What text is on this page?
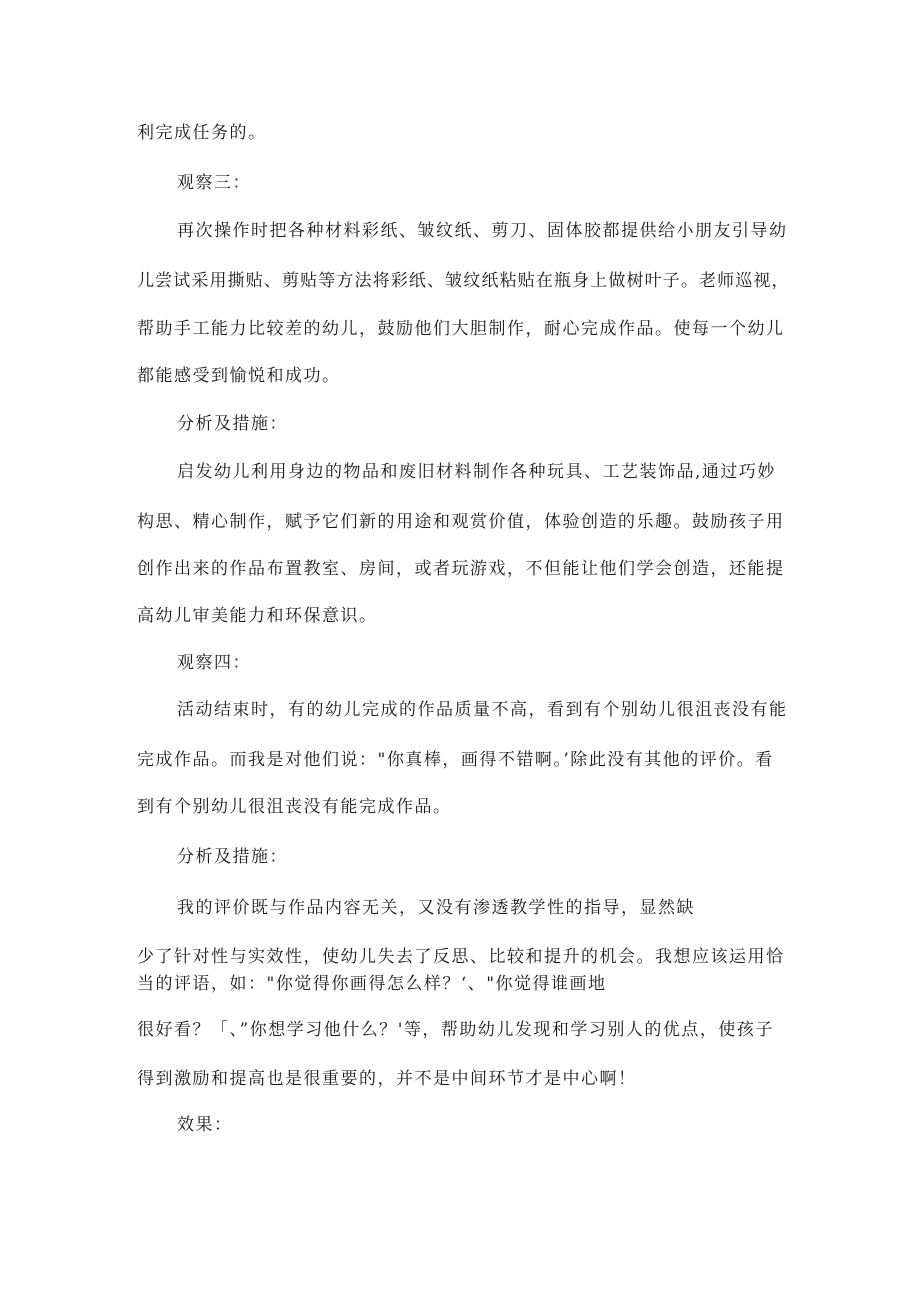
利完成任务的。

观察三：

再次操作时把各种材料彩纸、皱纹纸、剪刀、固体胶都提供给小朋友引导幼

儿尝试采用撕贴、剪贴等方法将彩纸、皱纹纸粘贴在瓶身上做树叶子。老师巡视，

帮助手工能力比较差的幼儿，鼓励他们大胆制作，耐心完成作品。使每一个幼儿

都能感受到愉悦和成功。

分析及措施：

启发幼儿利用身边的物品和废旧材料制作各种玩具、工艺装饰品,通过巧妙

构思、精心制作，赋予它们新的用途和观赏价值，体验创造的乐趣。鼓励孩子用

创作出来的作品布置教室、房间，或者玩游戏，不但能让他们学会创造，还能提

高幼儿审美能力和环保意识。

观察四：

活动结束时，有的幼儿完成的作品质量不高，看到有个别幼儿很沮丧没有能

完成作品。而我是对他们说："你真棒，画得不错啊。’除此没有其他的评价。看

到有个别幼儿很沮丧没有能完成作品。

分析及措施：

我的评价既与作品内容无关，又没有渗透教学性的指导，显然缺

少了针对性与实效性，使幼儿失去了反思、比较和提升的机会。我想应该运用恰

当的评语，如："你觉得你画得怎么样？‘、"你觉得谁画地

很好看？「、”你想学习他什么？'等，帮助幼儿发现和学习别人的优点，使孩子

得到激励和提高也是很重要的，并不是中间环节才是中心啊！

效果：
